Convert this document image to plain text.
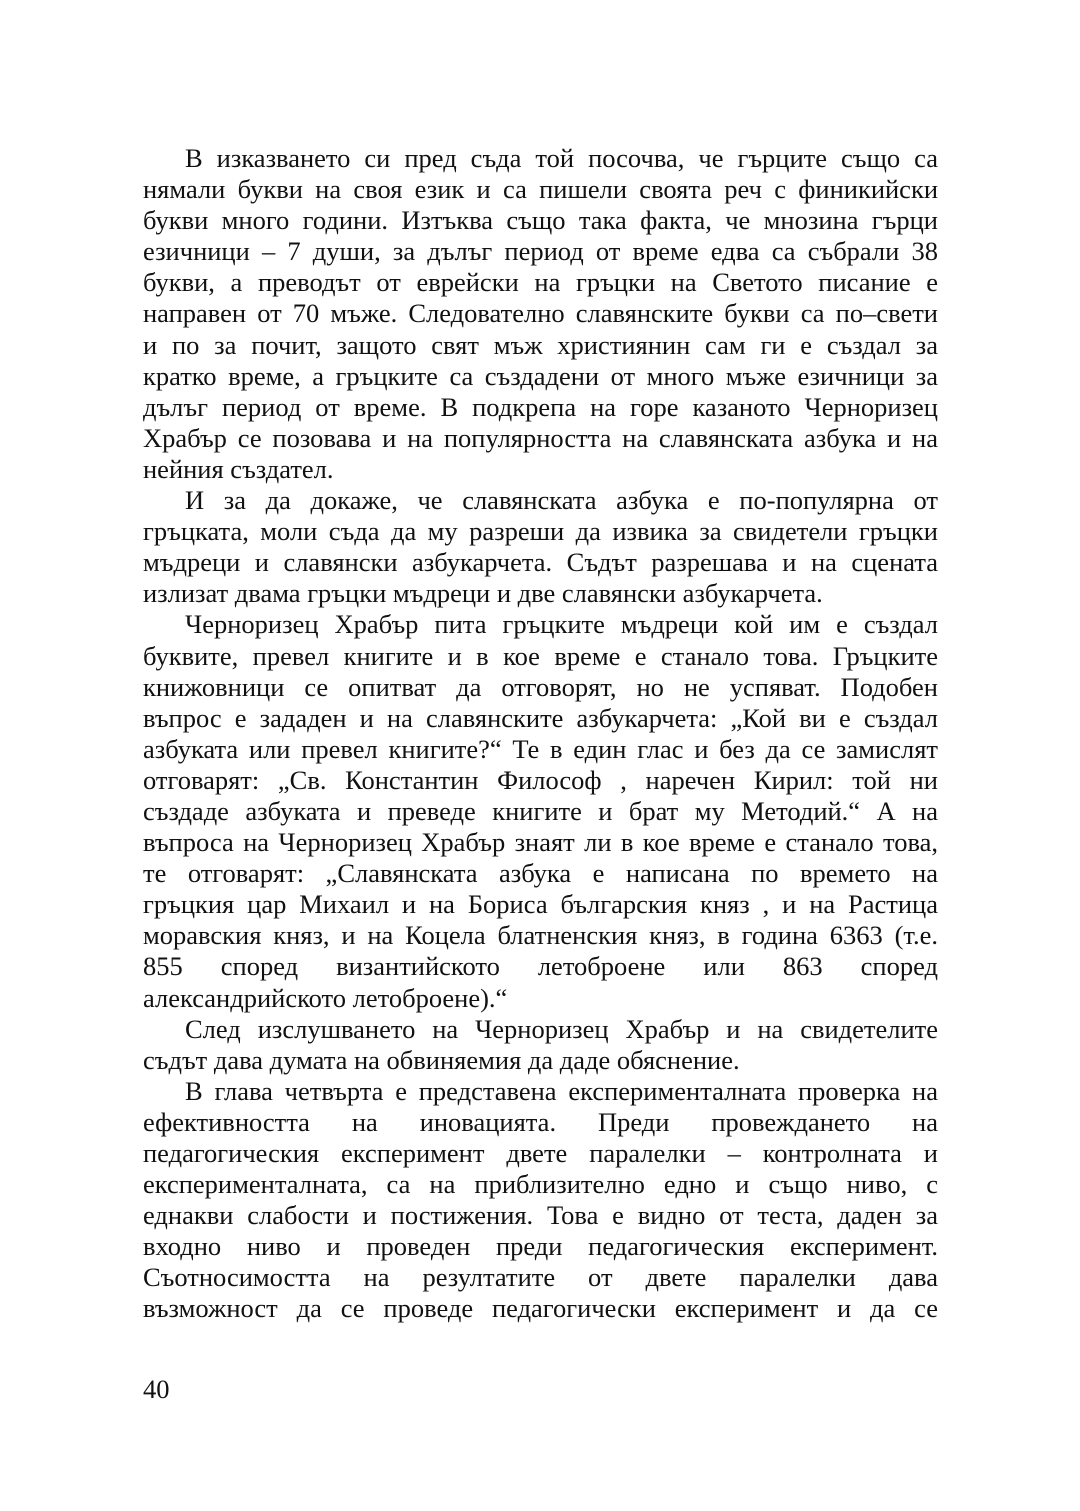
В изказването си пред съда той посочва, че гърците също са
нямали букви на своя език и са пишели своята реч с финикийски
букви много години. Изтъква също така факта, че мнозина гърци
езичници – 7 души, за дълъг период от време едва са събрали 38
букви, а преводът от еврейски на гръцки на Светото писание е
направен от 70 мъже. Следователно славянските букви са по–свети
и по за почит, защото свят мъж християнин сам ги е създал за
кратко време, а гръцките са създадени от много мъже езичници за
дълъг период от време. В подкрепа на горе казаното Черноризец
Храбър се позовава и на популярността на славянската азбука и на
нейния създател.

И за да докаже, че славянската азбука е по-популярна от
гръцката, моли съда да му разреши да извика за свидетели гръцки
мъдреци и славянски азбукарчета. Съдът разрешава и на сцената
излизат двама гръцки мъдреци и две славянски азбукарчета.

Черноризец Храбър пита гръцките мъдреци кой им е създал
буквите, превел книгите и в кое време е станало това. Гръцките
книжовници се опитват да отговорят, но не успяват. Подобен
въпрос е зададен и на славянските азбукарчета: „Кой ви е създал
азбуката или превел книгите?“ Те в един глас и без да се замислят
отговарят: „Св. Константин Философ , наречен Кирил: той ни
създаде азбуката и преведе книгите и брат му Методий.“ А на
въпроса на Черноризец Храбър знаят ли в кое време е станало това,
те отговарят: „Славянската азбука е написана по времето на
гръцкия цар Михаил и на Бориса българския княз , и на Растица
моравския княз, и на Коцела блатненския княз, в година 6363 (т.е.
855 според византийското летоброене или 863 според
александрийското летоброене).“

След изслушването на Черноризец Храбър и на свидетелите
съдът дава думата на обвиняемия да даде обяснение.

В глава четвърта е представена експерименталната проверка на
ефективността на иновацията. Преди провеждането на
педагогическия експеримент двете паралелки – контролната и
експерименталната, са на приблизително едно и също ниво, с
еднакви слабости и постижения. Това е видно от теста, даден за
входно ниво и проведен преди педагогическия експеримент.
Съотносимостта на резултатите от двете паралелки дава
възможност да се проведе педагогически експеримент и да се

40
